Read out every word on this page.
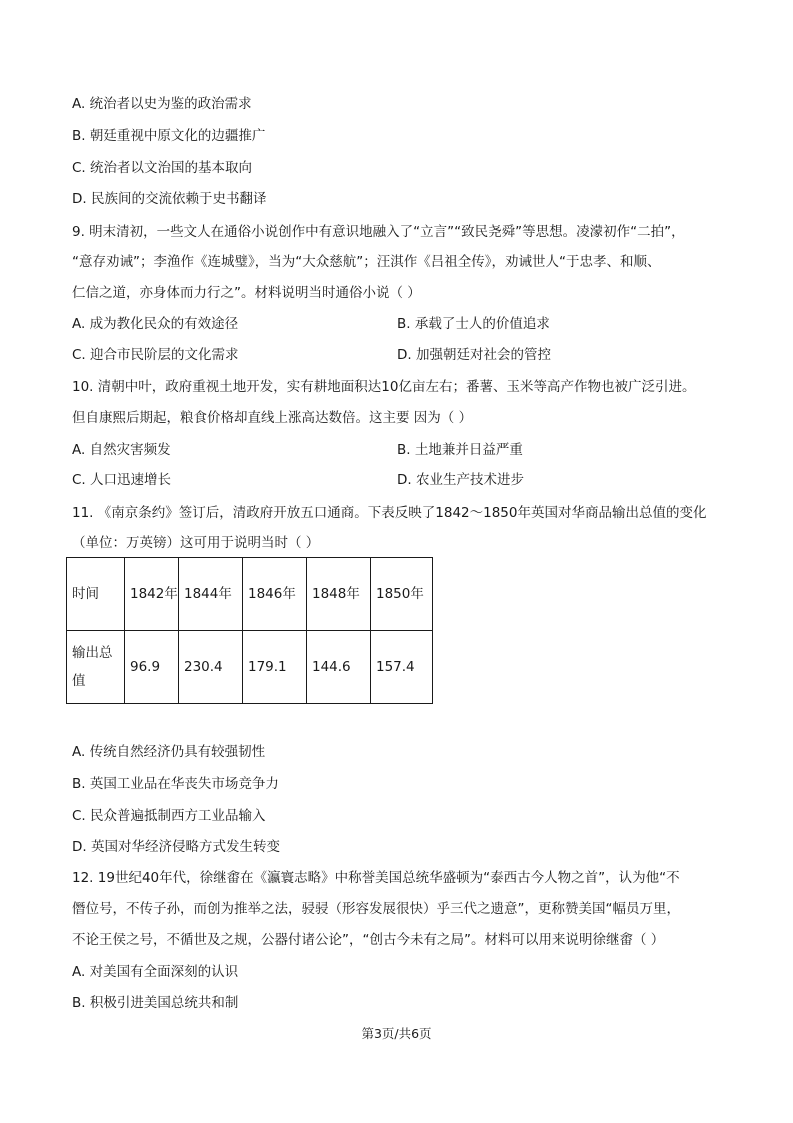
A. 统治者以史为鉴的政治需求
B. 朝廷重视中原文化的边疆推广
C. 统治者以文治国的基本取向
D. 民族间的交流依赖于史书翻译
9. 明末清初，一些文人在通俗小说创作中有意识地融入了“立言”“致民尧舜”等思想。凌濛初作“二拍”，
“意存劝诫”；李渔作《连城璧》，当为“大众慈航”；汪淇作《吕祖全传》，劝诫世人“于忠孝、和顺、
仁信之道，亦身体而力行之”。材料说明当时通俗小说（ ）
A. 成为教化民众的有效途径	B. 承载了士人的价值追求
C. 迎合市民阶层的文化需求	D. 加强朝廷对社会的管控
10. 清朝中叶，政府重视土地开发，实有耕地面积达10亿亩左右；番薯、玉米等高产作物也被广泛引进。
但自康熙后期起，粮食价格却直线上涨高达数倍。这主要 因为（ ）
A. 自然灾害频发	B. 土地兼并日益严重
C. 人口迅速增长	D. 农业生产技术进步
11. 《南京条约》签订后，清政府开放五口通商。下表反映了1842～1850年英国对华商品输出总值的变化
（单位：万英镑）这可用于说明当时（ ）
时间	1842年	1844年	1846年	1848年	1850年
输出总值	96.9	230.4	179.1	144.6	157.4
A. 传统自然经济仍具有较强韧性
B. 英国工业品在华丧失市场竞争力
C. 民众普遍抵制西方工业品输入
D. 英国对华经济侵略方式发生转变
12. 19世纪40年代，徐继畬在《瀛寰志略》中称誉美国总统华盛顿为“泰西古今人物之首”，认为他“不
僭位号，不传子孙，而创为推举之法，骎骎（形容发展很快）乎三代之遗意”，更称赞美国“幅员万里，
不论王侯之号，不循世及之规，公器付诸公论”，“创古今未有之局”。材料可以用来说明徐继畬（ ）
A. 对美国有全面深刻的认识
B. 积极引进美国总统共和制
第3页/共6页
